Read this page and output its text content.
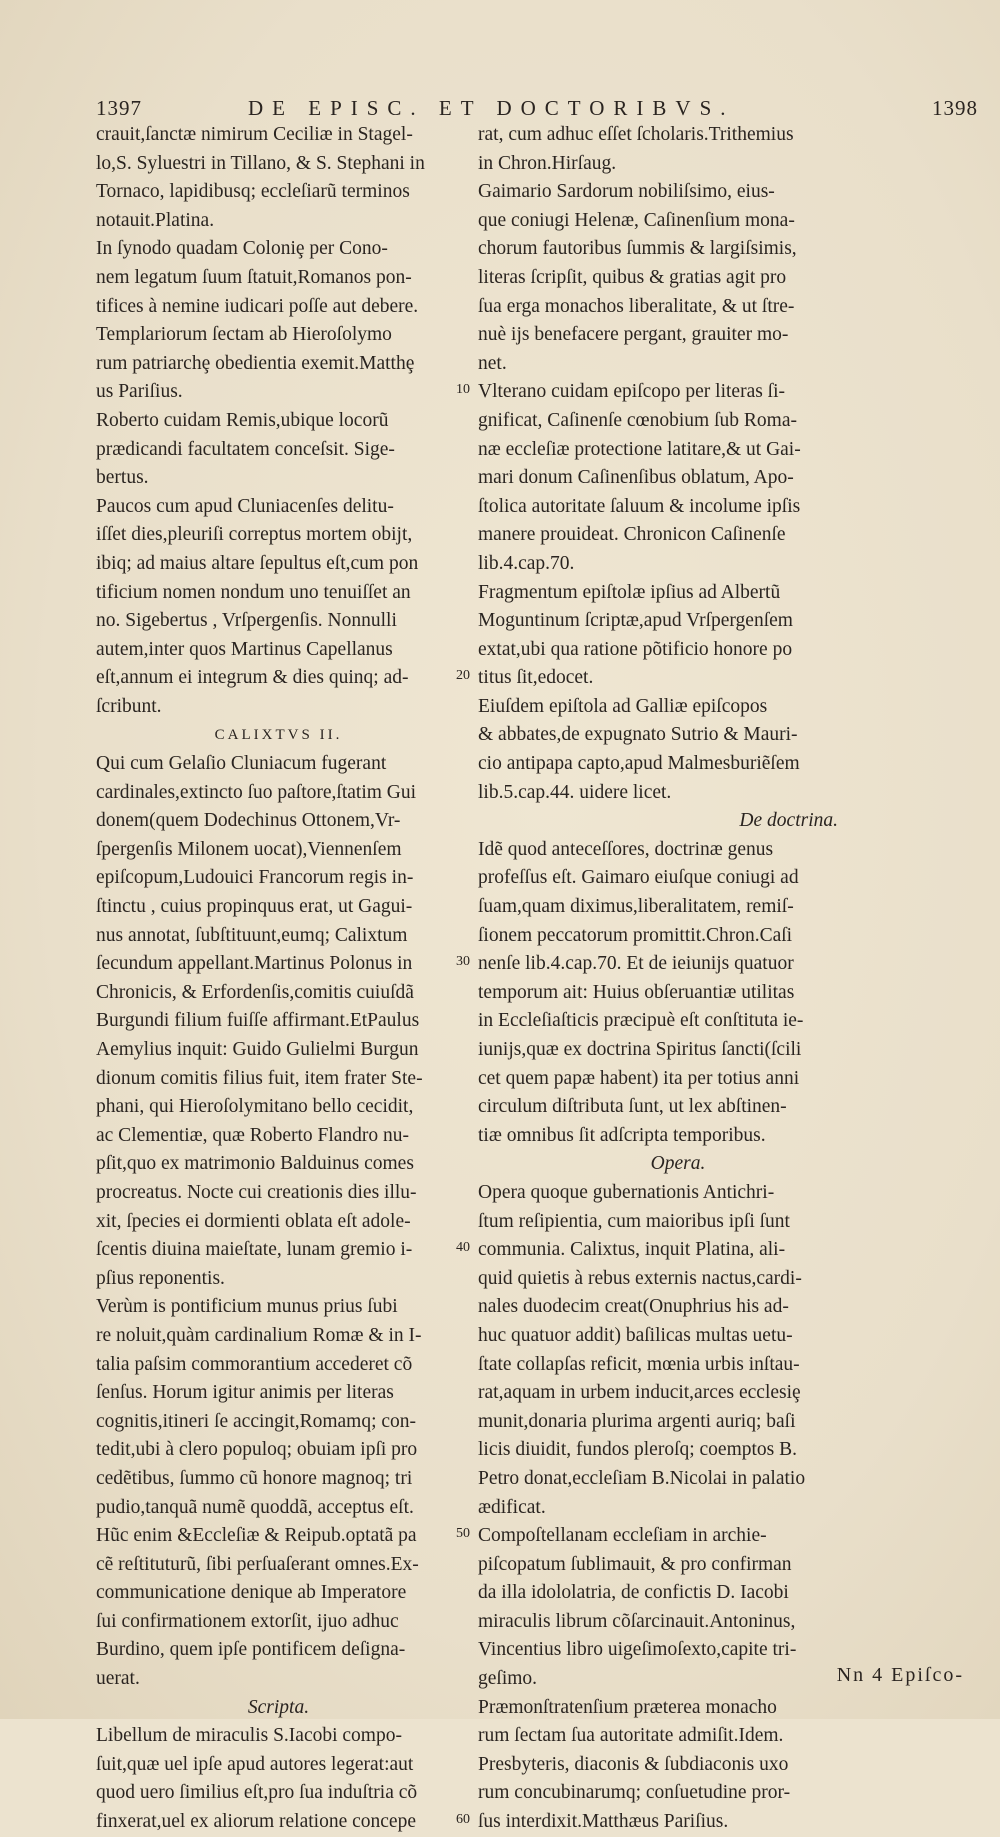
1397	DE EPISC. ET DOCTORIBVS.	1398
crauit,ſanctæ nimirum Ceciliæ in Stagel-
lo,S. Syluestri in Tillano, & S. Stephani in
Tornaco, lapidibusq; eccleſiarũ terminos
notauit.Platina.
In ſynodo quadam Coloniȩ per Cono-
nem legatum ſuum ſtatuit,Romanos pon-
tifices à nemine iudicari poſſe aut debere.
Templariorum ſectam ab Hieroſolymo
rum patriarchȩ obedientia exemit.Matthȩ
us Pariſius.
Roberto cuidam Remis,ubique locorũ
prædicandi facultatem conceſsit. Sige-
bertus.
Paucos cum apud Cluniacenſes delitu-
iſſet dies,pleuriſi correptus mortem obijt,
ibiq; ad maius altare ſepultus eſt,cum pon
tificium nomen nondum uno tenuiſſet an
no. Sigebertus , Vrſpergenſis. Nonnulli
autem,inter quos Martinus Capellanus
eſt,annum ei integrum & dies quinq; ad-
ſcribunt.
CALIXTVS II.
Qui cum Gelaſio Cluniacum fugerant
cardinales,extincto ſuo paſtore,ſtatim Gui
donem(quem Dodechinus Ottonem,Vr-
ſpergenſis Milonem uocat),Viennenſem
epiſcopum,Ludouici Francorum regis in-
ſtinctu , cuius propinquus erat, ut Gagui-
nus annotat, ſubſtituunt,eumq; Calixtum
ſecundum appellant.Martinus Polonus in
Chronicis, & Erfordenſis,comitis cuiuſdã
Burgundi filium fuiſſe affirmant.EtPaulus
Aemylius inquit: Guido Gulielmi Burgun
dionum comitis filius fuit, item frater Ste-
phani, qui Hieroſolymitano bello cecidit,
ac Clementiæ, quæ Roberto Flandro nu-
pſit,quo ex matrimonio Balduinus comes
procreatus. Nocte cui creationis dies illu-
xit, ſpecies ei dormienti oblata eſt adole-
ſcentis diuina maieſtate, lunam gremio i-
pſius reponentis.
Verùm is pontificium munus prius ſubi
re noluit,quàm cardinalium Romæ & in I-
talia paſsim commorantium accederet cõ
ſenſus. Horum igitur animis per literas
cognitis,itineri ſe accingit,Romamq; con-
tedit,ubi à clero populoq; obuiam ipſi pro
cedẽtibus, ſummo cũ honore magnoq; tri
pudio,tanquã numẽ quoddã, acceptus eſt.
Hũc enim &Eccleſiæ & Reipub.optatã pa
cẽ reſtituturũ, ſibi perſuaſerant omnes.Ex-
communicatione denique ab Imperatore
ſui confirmationem extorſit, ijuo adhuc
Burdino, quem ipſe pontificem deſigna-
uerat.
Scripta.
Libellum de miraculis S.Iacobi compo-
ſuit,quæ uel ipſe apud autores legerat:aut
quod uero ſimilius eſt,pro ſua induſtria cõ
finxerat,uel ex aliorum relatione concepe
10
20
30
40
50
60
rat, cum adhuc eſſet ſcholaris.Trithemius
in Chron.Hirſaug.
Gaimario Sardorum nobiliſsimo, eius-
que coniugi Helenæ, Caſinenſium mona-
chorum fautoribus ſummis & largiſsimis,
literas ſcripſit, quibus & gratias agit pro
ſua erga monachos liberalitate, & ut ſtre-
nuè ijs benefacere pergant, grauiter mo-
net.
Vlterano cuidam epiſcopo per literas ſi-
gnificat, Caſinenſe cœnobium ſub Roma-
næ eccleſiæ protectione latitare,& ut Gai-
mari donum Caſinenſibus oblatum, Apo-
ſtolica autoritate ſaluum & incolume ipſis
manere prouideat. Chronicon Caſinenſe
lib.4.cap.70.
Fragmentum epiſtolæ ipſius ad Albertũ
Moguntinum ſcriptæ,apud Vrſpergenſem
extat,ubi qua ratione põtificio honore po
titus ſit,edocet.
Eiuſdem epiſtola ad Galliæ epiſcopos
& abbates,de expugnato Sutrio & Mauri-
cio antipapa capto,apud Malmesburiẽſem
lib.5.cap.44. uidere licet.
De doctrina.
Idẽ quod anteceſſores, doctrinæ genus
profeſſus eſt. Gaimaro eiuſque coniugi ad
ſuam,quam diximus,liberalitatem, remiſ-
ſionem peccatorum promittit.Chron.Caſi
nenſe lib.4.cap.70. Et de ieiunijs quatuor
temporum ait: Huius obſeruantiæ utilitas
in Eccleſiaſticis præcipuè eſt conſtituta ie-
iunijs,quæ ex doctrina Spiritus ſancti(ſcili
cet quem papæ habent) ita per totius anni
circulum diſtributa ſunt, ut lex abſtinen-
tiæ omnibus ſit adſcripta temporibus.
Opera.
Opera quoque gubernationis Antichri-
ſtum reſipientia, cum maioribus ipſi ſunt
communia. Calixtus, inquit Platina, ali-
quid quietis à rebus externis nactus,cardi-
nales duodecim creat(Onuphrius his ad-
huc quatuor addit) baſilicas multas uetu-
ſtate collapſas reficit, mœnia urbis inſtau-
rat,aquam in urbem inducit,arces ecclesiȩ
munit,donaria plurima argenti auriq; baſi
licis diuidit, fundos pleroſq; coemptos B.
Petro donat,eccleſiam B.Nicolai in palatio
ædificat.
Compoſtellanam eccleſiam in archie-
piſcopatum ſublimauit, & pro confirman
da illa idololatria, de confictis D. Iacobi
miraculis librum cõſarcinauit.Antoninus,
Vincentius libro uigeſimoſexto,capite tri-
geſimo.
Præmonſtratenſium præterea monacho
rum ſectam ſua autoritate admiſit.Idem.
Presbyteris, diaconis & ſubdiaconis uxo
rum concubinarumq; conſuetudine pror-
ſus interdixit.Matthæus Pariſius.
Nn 4 Epiſco-
